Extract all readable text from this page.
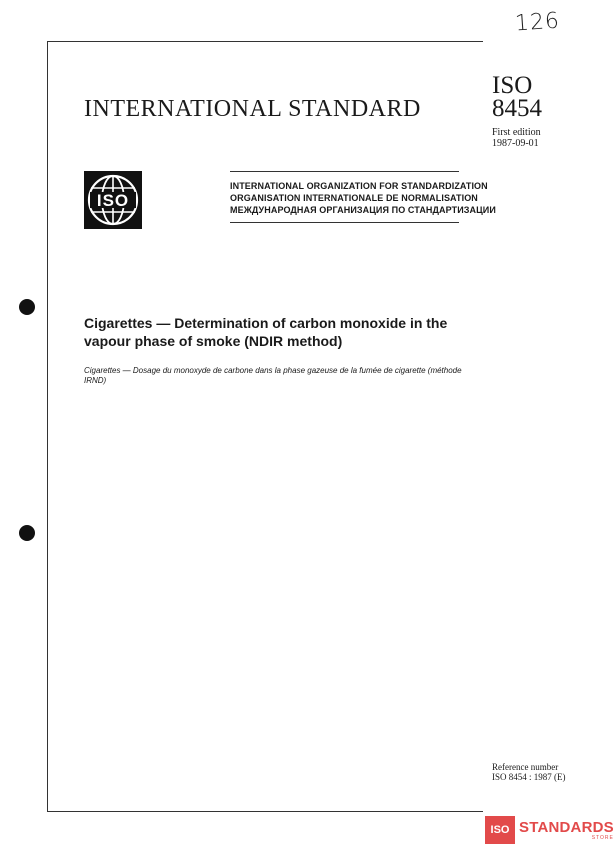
126
INTERNATIONAL STANDARD
ISO
8454
First edition
1987-09-01
ISO
INTERNATIONAL ORGANIZATION FOR STANDARDIZATION
ORGANISATION INTERNATIONALE DE NORMALISATION
МЕЖДУНАРОДНАЯ ОРГАНИЗАЦИЯ ПО СТАНДАРТИЗАЦИИ
Cigarettes — Determination of carbon monoxide in the vapour phase of smoke (NDIR method)
Cigarettes — Dosage du monoxyde de carbone dans la phase gazeuse de la fumée de cigarette (méthode IRND)
Reference number
ISO 8454 : 1987 (E)
ISO STANDARDS
STORE
